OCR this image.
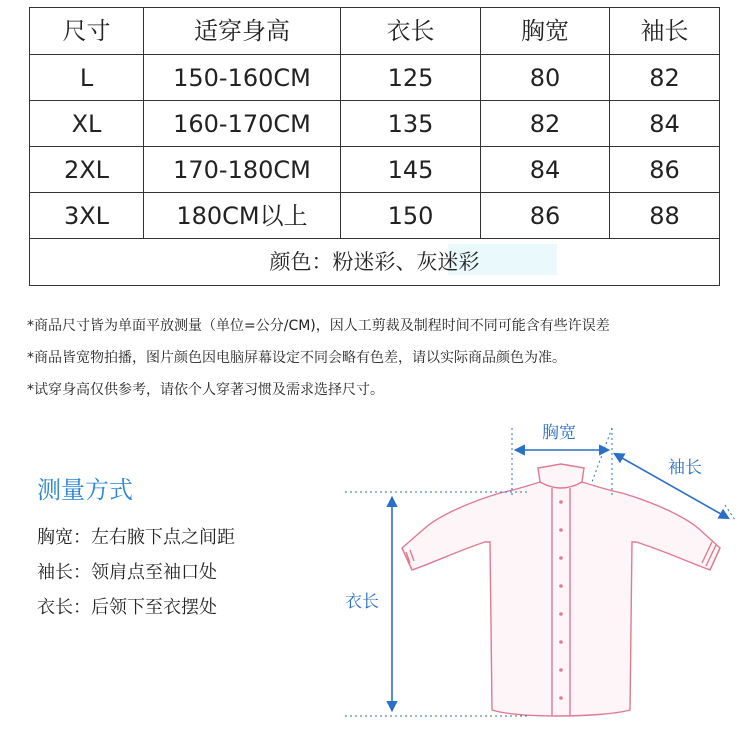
尺寸	适穿身高	衣长	胸宽	袖长
L	150-160CM	125	80	82
XL	160-170CM	135	82	84
2XL	170-180CM	145	84	86
3XL	180CM以上	150	86	88

颜色：粉迷彩、灰迷彩				
*商品尺寸皆为单面平放测量（单位=公分/CM)，因人工剪裁及制程时间不同可能含有些许误差
*商品皆宽物拍播，图片颜色因电脑屏幕设定不同会略有色差，请以实际商品颜色为准。
*试穿身高仅供参考，请依个人穿著习惯及需求选择尺寸。
测量方式
胸宽：左右腋下点之间距
袖长：领肩点至袖口处
衣长：后领下至衣摆处
胸宽
袖长
衣长
